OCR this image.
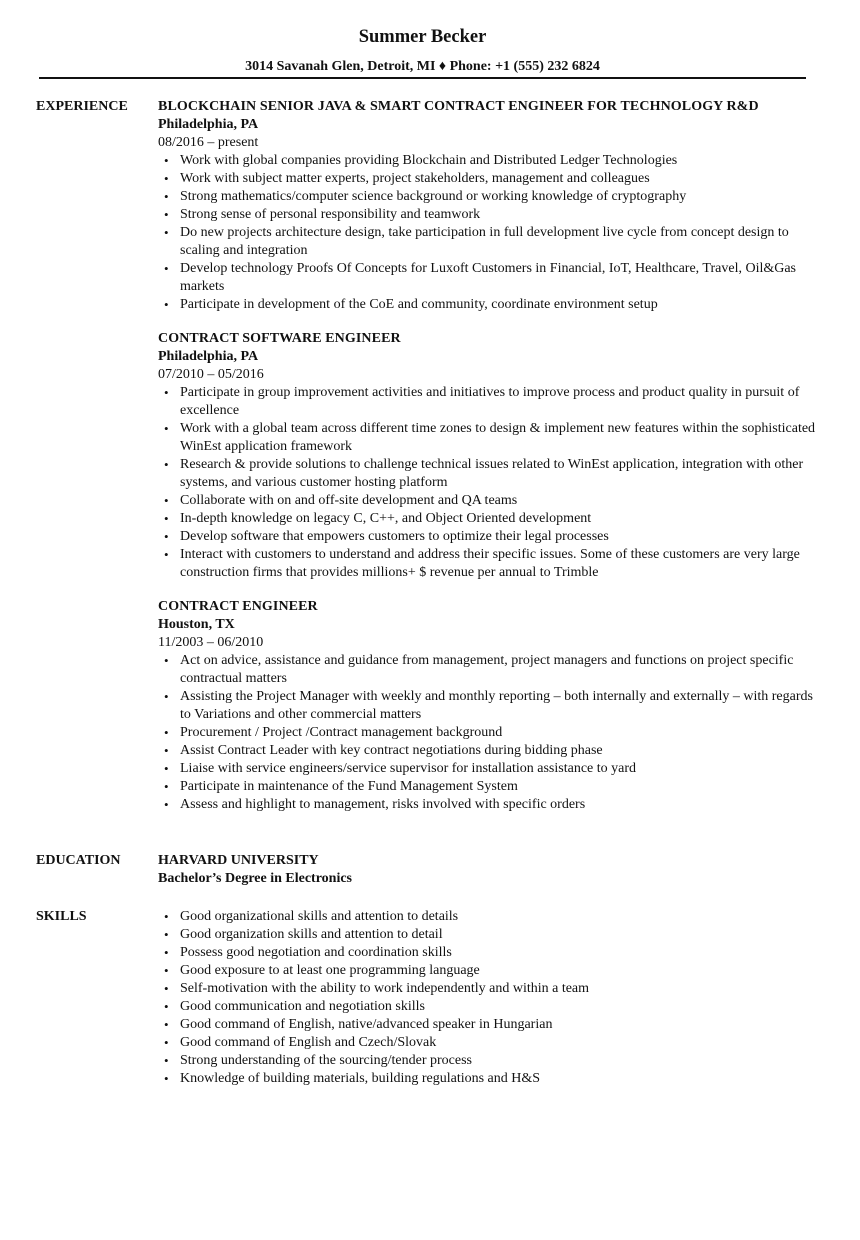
Summer Becker
3014 Savanah Glen, Detroit, MI ♦ Phone: +1 (555) 232 6824
EXPERIENCE BLOCKCHAIN SENIOR JAVA & SMART CONTRACT ENGINEER FOR TECHNOLOGY R&D
Philadelphia, PA
08/2016 – present
• Work with global companies providing Blockchain and Distributed Ledger Technologies
• Work with subject matter experts, project stakeholders, management and colleagues
• Strong mathematics/computer science background or working knowledge of cryptography
• Strong sense of personal responsibility and teamwork
• Do new projects architecture design, take participation in full development live cycle from concept design to scaling and integration
• Develop technology Proofs Of Concepts for Luxoft Customers in Financial, IoT, Healthcare, Travel, Oil&Gas markets
• Participate in development of the CoE and community, coordinate environment setup
CONTRACT SOFTWARE ENGINEER
Philadelphia, PA
07/2010 – 05/2016
• Participate in group improvement activities and initiatives to improve process and product quality in pursuit of excellence
• Work with a global team across different time zones to design & implement new features within the sophisticated WinEst application framework
• Research & provide solutions to challenge technical issues related to WinEst application, integration with other systems, and various customer hosting platform
• Collaborate with on and off-site development and QA teams
• In-depth knowledge on legacy C, C++, and Object Oriented development
• Develop software that empowers customers to optimize their legal processes
• Interact with customers to understand and address their specific issues. Some of these customers are very large construction firms that provides millions+ $ revenue per annual to Trimble
CONTRACT ENGINEER
Houston, TX
11/2003 – 06/2010
• Act on advice, assistance and guidance from management, project managers and functions on project specific contractual matters
• Assisting the Project Manager with weekly and monthly reporting – both internally and externally – with regards to Variations and other commercial matters
• Procurement / Project /Contract management background
• Assist Contract Leader with key contract negotiations during bidding phase
• Liaise with service engineers/service supervisor for installation assistance to yard
• Participate in maintenance of the Fund Management System
• Assess and highlight to management, risks involved with specific orders
EDUCATION	HARVARD UNIVERSITY
Bachelor’s Degree in Electronics
SKILLS
•	Good organizational skills and attention to details
• Good organization skills and attention to detail
• Possess good negotiation and coordination skills
• Good exposure to at least one programming language
• Self-motivation with the ability to work independently and within a team
• Good communication and negotiation skills
• Good command of English, native/advanced speaker in Hungarian
• Good command of English and Czech/Slovak
• Strong understanding of the sourcing/tender process
• Knowledge of building materials, building regulations and H&S
